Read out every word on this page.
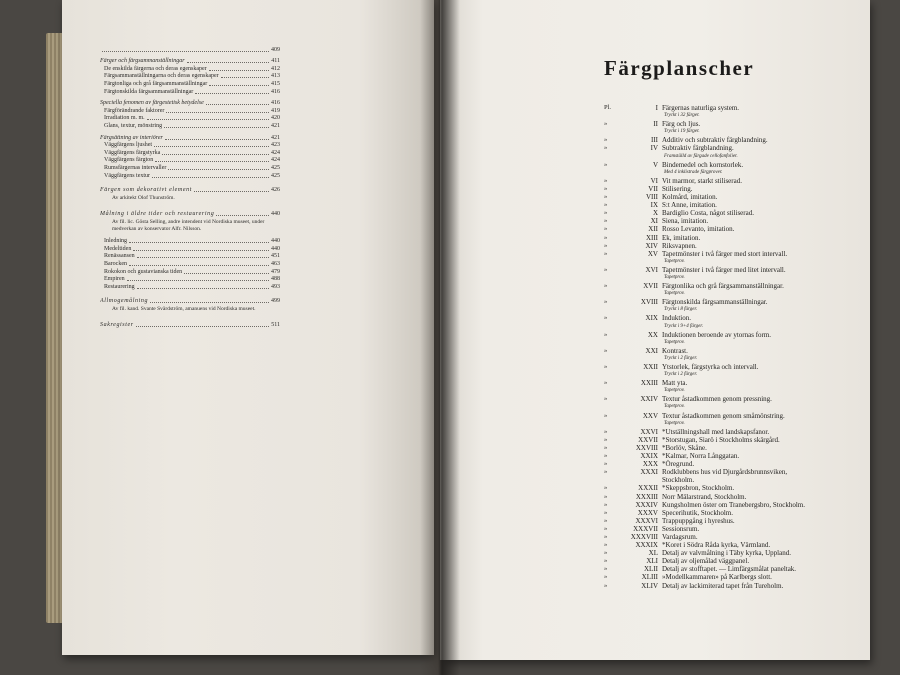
409
Färger och färgsammanställningar	411
De enskilda färgerna och deras egenskaper	412
Färgsammanställningarna och deras egenskaper	413
Färgtonliga och grå färgsammanställningar	415
Färgtonskilda färgsammanställningar	416
Speciella fenomen av färgestetisk betydelse	416
Färgförändrande faktorer	419
Irradiation m. m.	420
Glans, textur, mönstring	421
Färgsättning av interiörer	421
Väggfärgens ljushet	423
Väggfärgens färgstyrka	424
Väggfärgens färgton	424
Rumsfärgernas intervaller	425
Väggfärgens textur	425
Färgen som dekorativt element	426
Av arkitekt Olof Thunström.
Målning i äldre tider och restaurering	440
Av fil. lic. Gösta Selling, andre intendent vid Nordiska museet, under medverkan av konservator Alfr. Nilsson.
Inledning	440
Medeltiden	440
Renässansen	451
Barocken	463
Rokokon och gustavianska tiden	479
Empiren	488
Restaurering	493
Allmogemålning	499
Av fil. kand. Svante Svärdström, amanuens vid Nordiska museet.
Sakregister	511
Färgplanscher
Pl.	I Färgernas naturliga system.
Tryckt i 32 färger.
»	II Färg och ljus.
Tryckt i 19 färger.
»	III Additiv och subtraktiv färgblandning.
»	IV Subtraktiv färgblandning.
Framställd av färgade cellofanfolier.
»	V Bindemedel och kornstorlek.
Med 4 inklistrade färgprover.
»	VI Vit marmor, starkt stiliserad.
»	VII Stilisering.
»	VIII Kolmård, imitation.
»	IX S:t Anne, imitation.
»	X Bardiglio Costa, något stiliserad.
»	XI Siena, imitation.
»	XII Rosso Levanto, imitation.
»	XIII Ek, imitation.
»	XIV Riksvapnen.
»	XV Tapetmönster i två färger med stort intervall.
Tapetprov.
»	XVI Tapetmönster i två färger med litet intervall.
Tapetprov.
»	XVII Färgtonlika och grå färgsammanställningar.
Tapetprov.
»	XVIII Färgtonskilda färgsammanställningar.
Tryckt i 8 färger.
»	XIX Induktion.
Tryckt i 9+4 färger.
»	XX Induktionen beroende av ytornas form.
Tapetprov.
»	XXI Kontrast.
Tryckt i 2 färger.
»	XXII Ytstorlek, färgstyrka och intervall.
Tryckt i 2 färger.
»	XXIII Matt yta.
Tapetprov.
»	XXIV Textur åstadkommen genom pressning.
Tapetprov.
»	XXV Textur åstadkommen genom småmönstring.
Tapetprov.
»	XXVI *Utställningshall med landskapsfanor.
»	XXVII *Storstugan, Siarö i Stockholms skärgård.
»	XXVIII *Borlöv, Skåne.
»	XXIX *Kalmar, Norra Långgatan.
»	XXX *Öregrund.
»	XXXI Rodklubbens hus vid Djurgårdsbrunnsviken,
Stockholm.
»	XXXII *Skeppsbron, Stockholm.
»	XXXIII Norr Mälarstrand, Stockholm.
»	XXXIV Kungsholmen öster om Tranebergsbro, Stockholm.
»	XXXV Specerihutik, Stockholm.
»	XXXVI Trappuppgång i hyreshus.
»	XXXVII Sessionsrum.
»	XXXVIII Vardagsrum.
»	XXXIX *Koret i Södra Råda kyrka, Värmland.
»	XL Detalj av valvmålning i Täby kyrka, Uppland.
»	XLI Detalj av oljemålad väggpanel.
»	XLII Detalj av stofftapet. — Limfärgsmålat paneltak.
»	XLIII »Modellkammaren» på Karlbergs slott.
»	XLIV Detalj av lackimiterad tapet från Tureholm.
